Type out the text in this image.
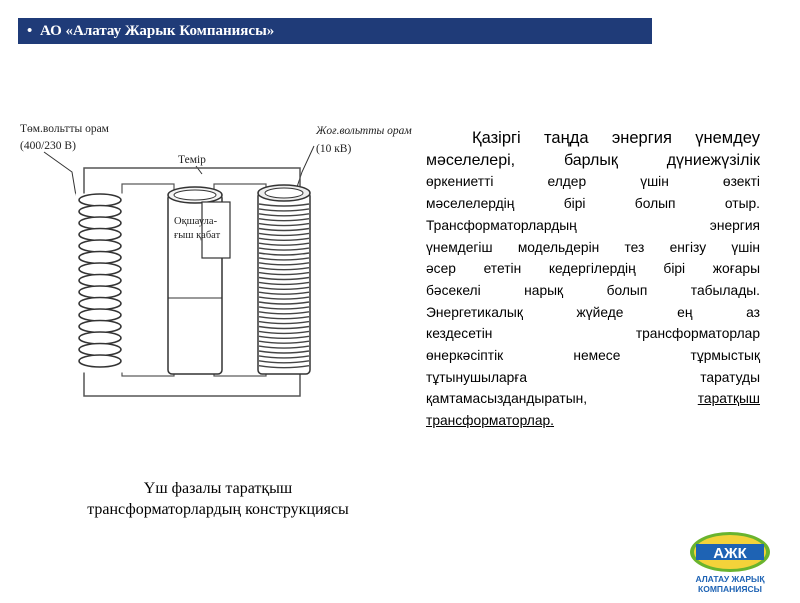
• АО «Алатау Жарык Компаниясы»
Төм.вольтты орам
(400/230 В)
Жоғ.вольтты орам
(10 кВ)
Темір
Оқшаула-
ғыш қабат
Үш фазалы таратқыш
трансформаторлардың конструкциясы
Қазіргі таңда энергия үнемдеу
мәселелері, барлық дүниежүзілік
өркениетті елдер үшін өзекті
мәселелердің бірі болып отыр.
Трансформаторлардың энергия
үнемдегіш модельдерін тез енгізу үшін
әсер ететін кедергілердің бірі жоғары
бәсекелі нарық болып табылады.
Энергетикалық жүйеде ең аз
кездесетін трансформаторлар
өнеркәсіптік немесе тұрмыстық
тұтынушыларға таратуды
қамтамасыздандыратын,	таратқыш
трансформаторлар.
АЖК
АЛАТАУ ЖАРЫҚ
КОМПАНИЯСЫ
